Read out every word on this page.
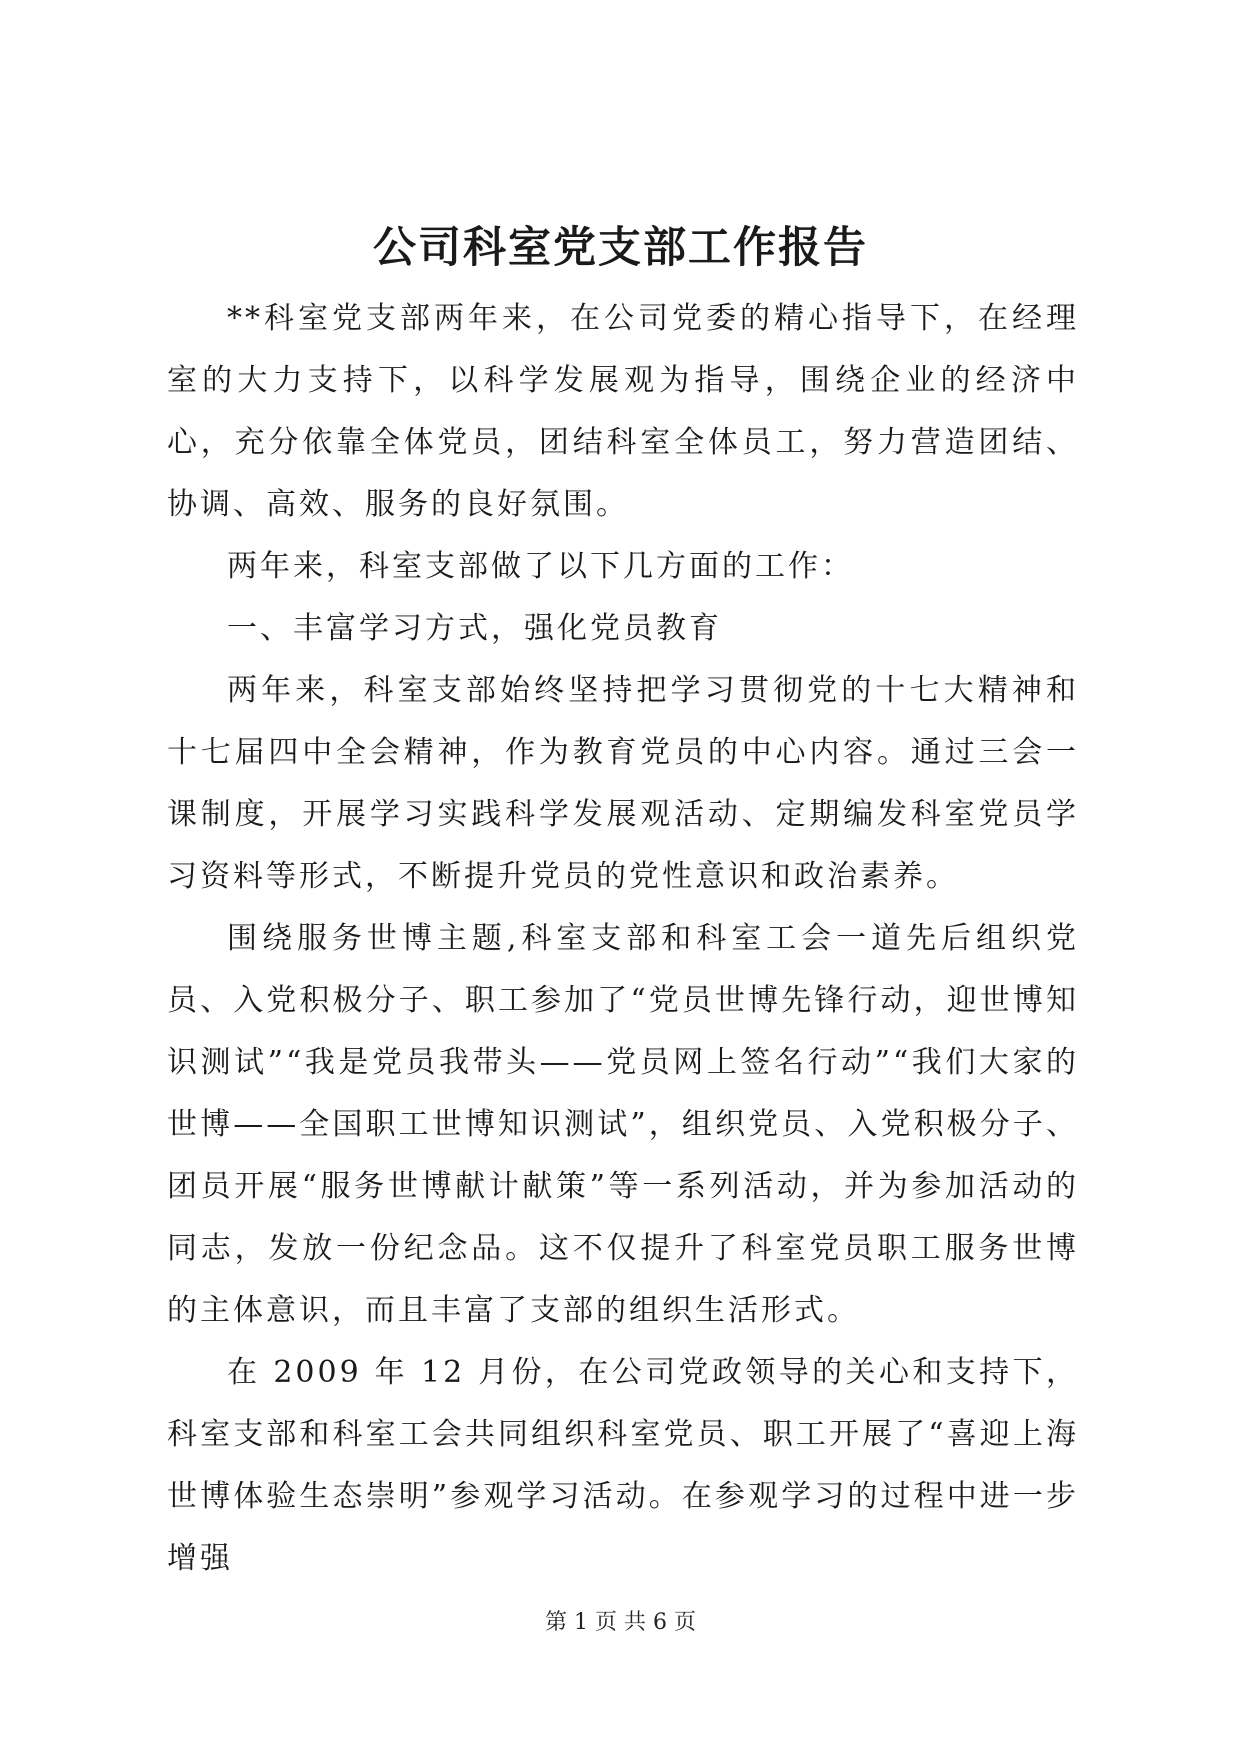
公司科室党支部工作报告

**科室党支部两年来，在公司党委的精心指导下，在经理室的大力支持下，以科学发展观为指导，围绕企业的经济中心，充分依靠全体党员，团结科室全体员工，努力营造团结、协调、高效、服务的良好氛围。

两年来，科室支部做了以下几方面的工作：

一、丰富学习方式，强化党员教育

两年来，科室支部始终坚持把学习贯彻党的十七大精神和十七届四中全会精神，作为教育党员的中心内容。通过三会一课制度，开展学习实践科学发展观活动、定期编发科室党员学习资料等形式，不断提升党员的党性意识和政治素养。

围绕服务世博主题,科室支部和科室工会一道先后组织党员、入党积极分子、职工参加了“党员世博先锋行动，迎世博知识测试”“我是党员我带头——党员网上签名行动”“我们大家的世博——全国职工世博知识测试”，组织党员、入党积极分子、团员开展“服务世博献计献策”等一系列活动，并为参加活动的同志，发放一份纪念品。这不仅提升了科室党员职工服务世博的主体意识，而且丰富了支部的组织生活形式。

在 2009 年 12 月份，在公司党政领导的关心和支持下，科室支部和科室工会共同组织科室党员、职工开展了“喜迎上海世博体验生态崇明”参观学习活动。在参观学习的过程中进一步增强

第 1 页 共 6 页
